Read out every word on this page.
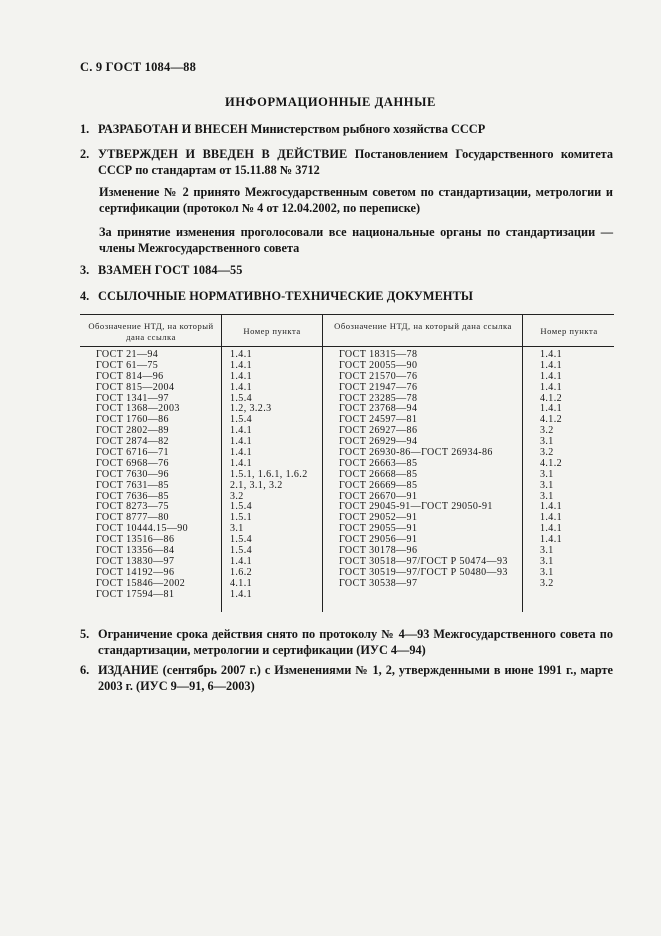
С. 9 ГОСТ 1084—88
ИНФОРМАЦИОННЫЕ ДАННЫЕ
1. РАЗРАБОТАН И ВНЕСЕН Министерством рыбного хозяйства СССР
2. УТВЕРЖДЕН И ВВЕДЕН В ДЕЙСТВИЕ Постановлением Государственного комитета СССР по стандартам от 15.11.88 № 3712
Изменение № 2 принято Межгосударственным советом по стандартизации, метрологии и сертификации (протокол № 4 от 12.04.2002, по переписке)
За принятие изменения проголосовали все национальные органы по стандартизации — члены Межгосударственного совета
3. ВЗАМЕН ГОСТ 1084—55
4. ССЫЛОЧНЫЕ НОРМАТИВНО-ТЕХНИЧЕСКИЕ ДОКУМЕНТЫ
Обозначение НТД, на который дана ссылка
Номер пункта	Обозначение НТД, на который дана ссылка	Номер пункта
ГОСТ 21—94
ГОСТ 61—75
ГОСТ 814—96
ГОСТ 815—2004
ГОСТ 1341—97
ГОСТ 1368—2003
ГОСТ 1760—86
ГОСТ 2802—89
ГОСТ 2874—82
ГОСТ 6716—71
ГОСТ 6968—76
ГОСТ 7630—96
ГОСТ 7631—85
ГОСТ 7636—85
ГОСТ 8273—75
ГОСТ 8777—80
ГОСТ 10444.15—90
ГОСТ 13516—86
ГОСТ 13356—84
ГОСТ 13830—97
ГОСТ 14192—96
ГОСТ 15846—2002
ГОСТ 17594—81
1.4.1
1.4.1
1.4.1
1.4.1
1.5.4
1.2, 3.2.3
1.5.4
1.4.1
1.4.1
1.4.1
1.4.1
1.5.1, 1.6.1, 1.6.2
2.1, 3.1, 3.2
3.2
1.5.4
1.5.1
3.1
1.5.4
1.5.4
1.4.1
1.6.2
4.1.1
1.4.1
ГОСТ 18315—78
ГОСТ 20055—90
ГОСТ 21570—76
ГОСТ 21947—76
ГОСТ 23285—78
ГОСТ 23768—94
ГОСТ 24597—81
ГОСТ 26927—86
ГОСТ 26929—94
ГОСТ 26930-86—ГОСТ 26934-86
ГОСТ 26663—85
ГОСТ 26668—85
ГОСТ 26669—85
ГОСТ 26670—91
ГОСТ 29045-91—ГОСТ 29050-91
ГОСТ 29052—91
ГОСТ 29055—91
ГОСТ 29056—91
ГОСТ 30178—96
ГОСТ 30518—97/ГОСТ Р 50474—93
ГОСТ 30519—97/ГОСТ Р 50480—93
ГОСТ 30538—97
1.4.1
1.4.1
1.4.1
1.4.1
4.1.2
1.4.1
4.1.2
3.2
3.1
3.2
4.1.2
3.1
3.1
3.1
1.4.1
1.4.1
1.4.1
1.4.1
3.1
3.1
3.1
3.2
5. Ограничение срока действия снято по протоколу № 4—93 Межгосударственного совета по стандартизации, метрологии и сертификации (ИУС 4—94)
6. ИЗДАНИЕ (сентябрь 2007 г.) с Изменениями № 1, 2, утвержденными в июне 1991 г., марте 2003 г. (ИУС 9—91, 6—2003)
